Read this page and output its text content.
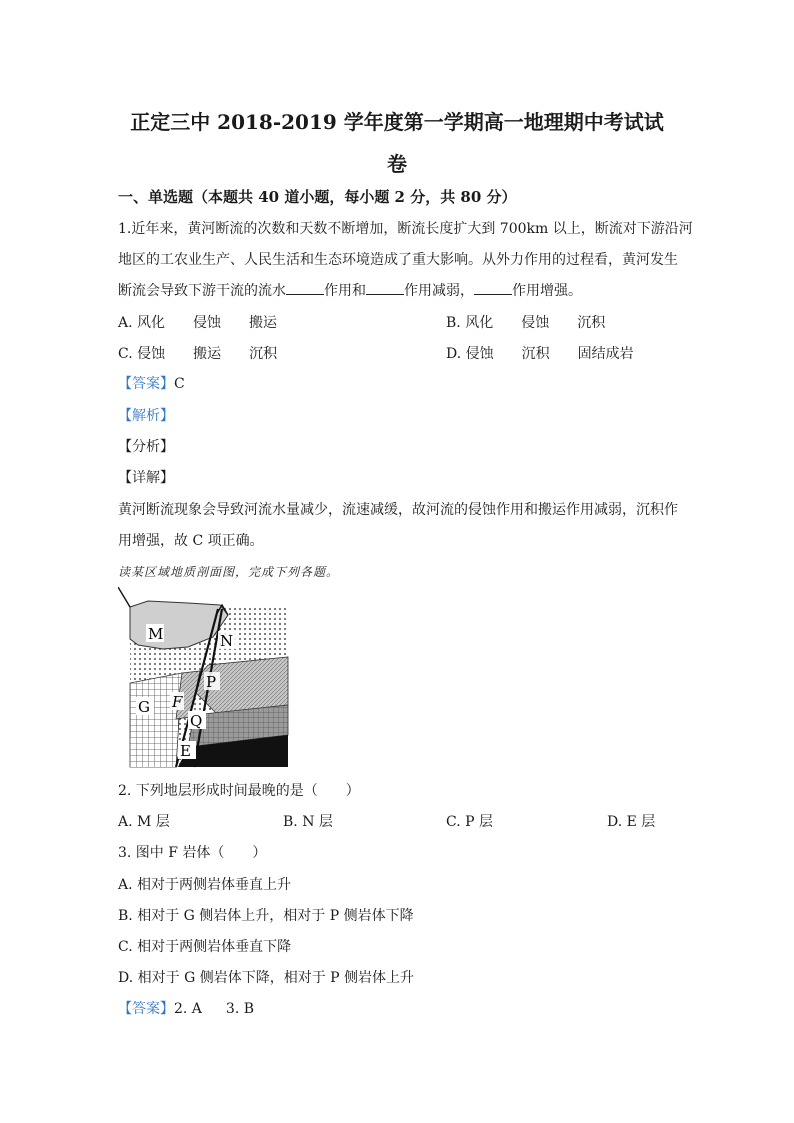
正定三中 2018-2019 学年度第一学期高一地理期中考试试
卷
一、单选题（本题共 40 道小题，每小题 2 分，共 80 分）
1.近年来，黄河断流的次数和天数不断增加，断流长度扩大到 700km 以上，断流对下游沿河
地区的工农业生产、人民生活和生态环境造成了重大影响。从外力作用的过程看，黄河发生
断流会导致下游干流的流水	作用和	作用减弱，	作用增强。
A. 风化　　侵蚀　　搬运	B. 风化　　侵蚀　　沉积
C. 侵蚀　　搬运　　沉积	D. 侵蚀　　沉积　　固结成岩
【答案】C
【解析】
【分析】
【详解】
黄河断流现象会导致河流水量减少，流速减缓，故河流的侵蚀作用和搬运作用减弱，沉积作
用增强，故 C 项正确。
读某区域地质剖面图，完成下列各题。
M	N
P
G F
Q
E
2. 下列地层形成时间最晚的是（　　）
A. M 层	B. N 层	C. P 层	D. E 层
3. 图中 F 岩体（　　）
A. 相对于两侧岩体垂直上升
B. 相对于 G 侧岩体上升，相对于 P 侧岩体下降
C. 相对于两侧岩体垂直下降
D. 相对于 G 侧岩体下降，相对于 P 侧岩体上升
【答案】2. A 3. B
